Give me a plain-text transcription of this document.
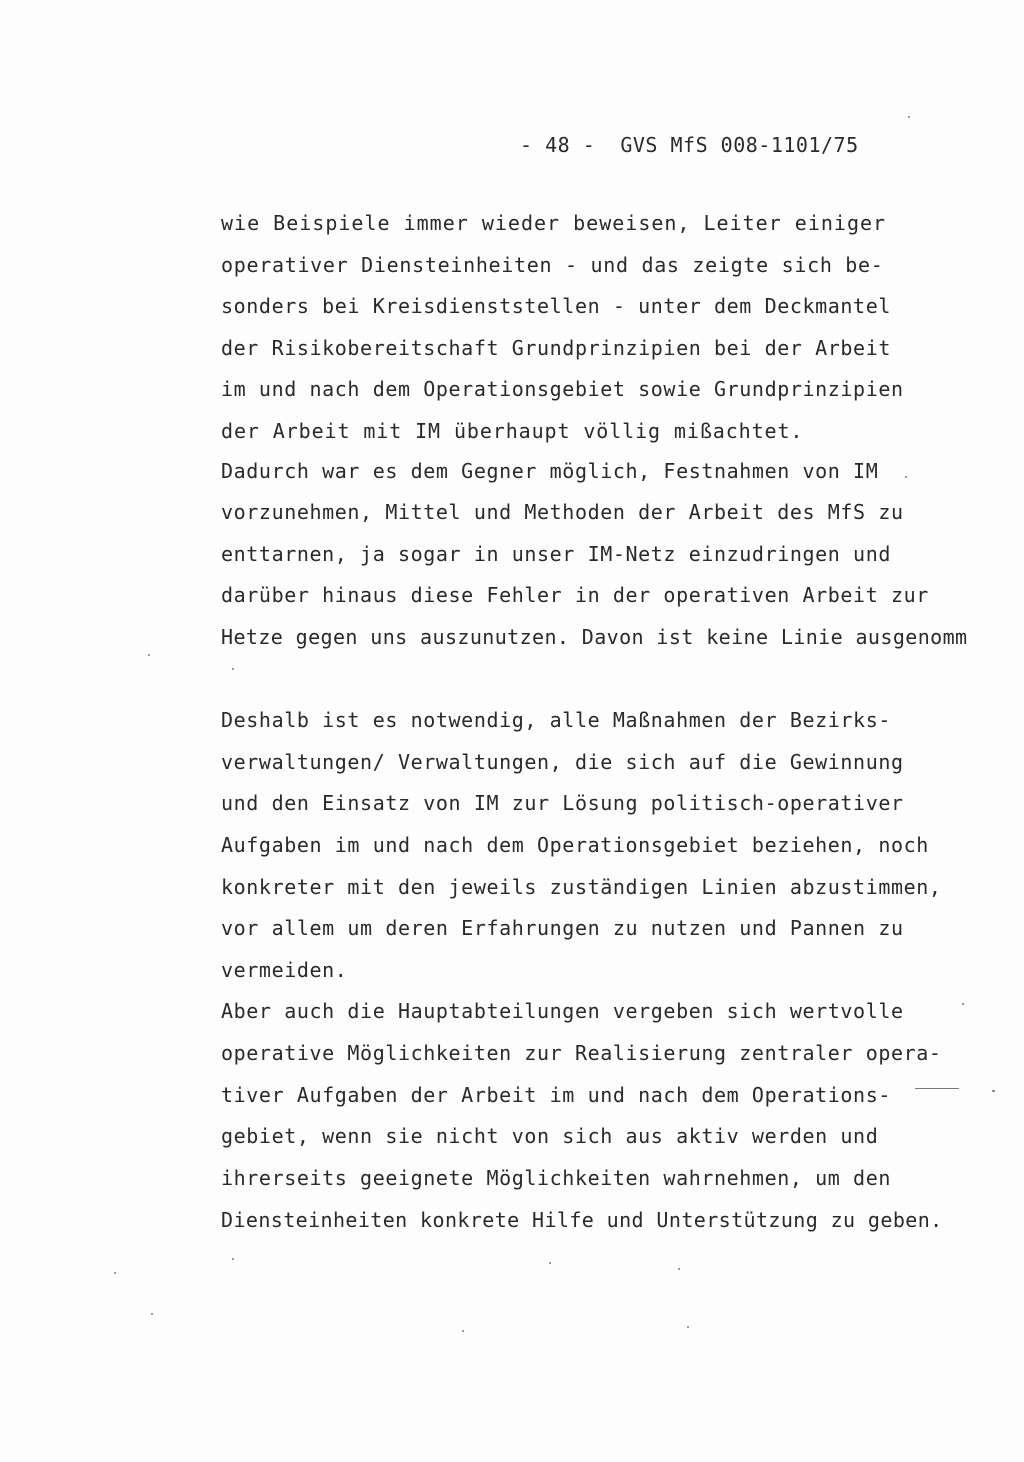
- 48 -  GVS MfS 008-1101/75

wie Beispiele immer wieder beweisen, Leiter einiger

operativer Diensteinheiten - und das zeigte sich be-

sonders bei Kreisdienststellen - unter dem Deckmantel

der Risikobereitschaft Grundprinzipien bei der Arbeit

im und nach dem Operationsgebiet sowie Grundprinzipien

der Arbeit mit IM überhaupt völlig mißachtet.

Dadurch war es dem Gegner möglich, Festnahmen von IM

vorzunehmen, Mittel und Methoden der Arbeit des MfS zu

enttarnen, ja sogar in unser IM-Netz einzudringen und

darüber hinaus diese Fehler in der operativen Arbeit zur

Hetze gegen uns auszunutzen. Davon ist keine Linie ausgenomm

Deshalb ist es notwendig, alle Maßnahmen der Bezirks-

verwaltungen/ Verwaltungen, die sich auf die Gewinnung

und den Einsatz von IM zur Lösung politisch-operativer

Aufgaben im und nach dem Operationsgebiet beziehen, noch

konkreter mit den jeweils zuständigen Linien abzustimmen,

vor allem um deren Erfahrungen zu nutzen und Pannen zu

vermeiden.

Aber auch die Hauptabteilungen vergeben sich wertvolle

operative Möglichkeiten zur Realisierung zentraler opera-

tiver Aufgaben der Arbeit im und nach dem Operations-

gebiet, wenn sie nicht von sich aus aktiv werden und

ihrerseits geeignete Möglichkeiten wahrnehmen, um den

Diensteinheiten konkrete Hilfe und Unterstützung zu geben.
